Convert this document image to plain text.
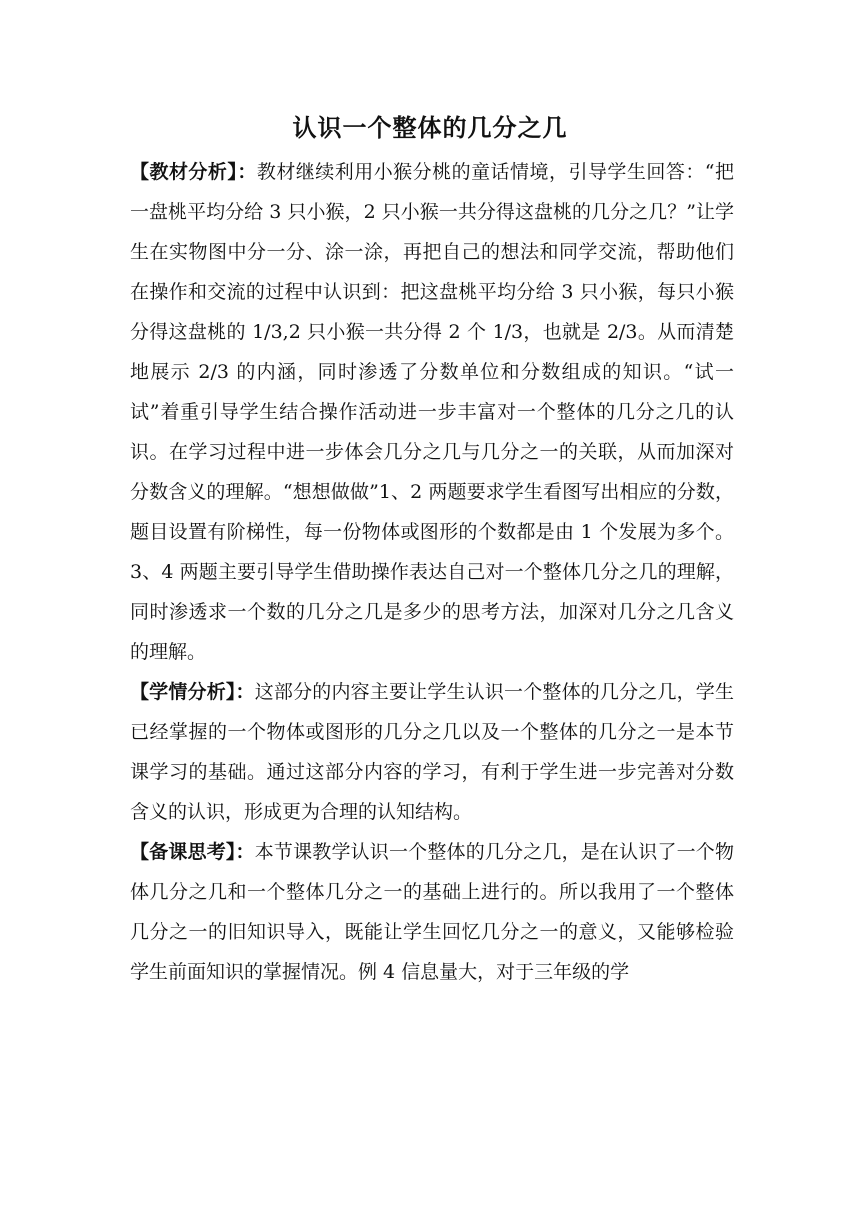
认识一个整体的几分之几

【教材分析】：教材继续利用小猴分桃的童话情境，引导学生回答：“把一盘桃平均分给 3 只小猴，2 只小猴一共分得这盘桃的几分之几？”让学生在实物图中分一分、涂一涂，再把自己的想法和同学交流，帮助他们在操作和交流的过程中认识到：把这盘桃平均分给 3 只小猴，每只小猴分得这盘桃的 1/3,2 只小猴一共分得 2 个 1/3，也就是 2/3。从而清楚地展示 2/3 的内涵，同时渗透了分数单位和分数组成的知识。“试一试”着重引导学生结合操作活动进一步丰富对一个整体的几分之几的认识。在学习过程中进一步体会几分之几与几分之一的关联，从而加深对分数含义的理解。“想想做做”1、2 两题要求学生看图写出相应的分数，题目设置有阶梯性，每一份物体或图形的个数都是由 1 个发展为多个。3、4 两题主要引导学生借助操作表达自己对一个整体几分之几的理解，同时渗透求一个数的几分之几是多少的思考方法，加深对几分之几含义的理解。

【学情分析】：这部分的内容主要让学生认识一个整体的几分之几，学生已经掌握的一个物体或图形的几分之几以及一个整体的几分之一是本节课学习的基础。通过这部分内容的学习，有利于学生进一步完善对分数含义的认识，形成更为合理的认知结构。

【备课思考】：本节课教学认识一个整体的几分之几，是在认识了一个物体几分之几和一个整体几分之一的基础上进行的。所以我用了一个整体几分之一的旧知识导入，既能让学生回忆几分之一的意义，又能够检验学生前面知识的掌握情况。例 4 信息量大，对于三年级的学
